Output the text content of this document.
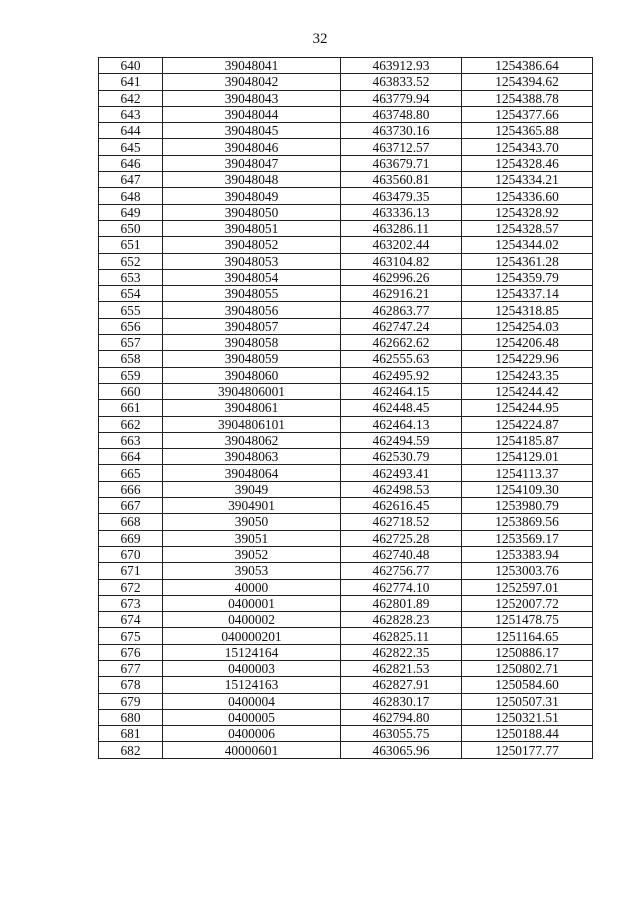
32
640	39048041	463912.93	1254386.64
641	39048042	463833.52	1254394.62
642	39048043	463779.94	1254388.78
643	39048044	463748.80	1254377.66
644	39048045	463730.16	1254365.88
645	39048046	463712.57	1254343.70
646	39048047	463679.71	1254328.46
647	39048048	463560.81	1254334.21
648	39048049	463479.35	1254336.60
649	39048050	463336.13	1254328.92
650	39048051	463286.11	1254328.57
651	39048052	463202.44	1254344.02
652	39048053	463104.82	1254361.28
653	39048054	462996.26	1254359.79
654	39048055	462916.21	1254337.14
655	39048056	462863.77	1254318.85
656	39048057	462747.24	1254254.03
657	39048058	462662.62	1254206.48
658	39048059	462555.63	1254229.96
659	39048060	462495.92	1254243.35
660	3904806001	462464.15	1254244.42
661	39048061	462448.45	1254244.95
662	3904806101	462464.13	1254224.87
663	39048062	462494.59	1254185.87
664	39048063	462530.79	1254129.01
665	39048064	462493.41	1254113.37
666	39049	462498.53	1254109.30
667	3904901	462616.45	1253980.79
668	39050	462718.52	1253869.56
669	39051	462725.28	1253569.17
670	39052	462740.48	1253383.94
671	39053	462756.77	1253003.76
672	40000	462774.10	1252597.01
673	0400001	462801.89	1252007.72
674	0400002	462828.23	1251478.75
675	040000201	462825.11	1251164.65
676	15124164	462822.35	1250886.17
677	0400003	462821.53	1250802.71
678	15124163	462827.91	1250584.60
679	0400004	462830.17	1250507.31
680	0400005	462794.80	1250321.51
681	0400006	463055.75	1250188.44
682	40000601	463065.96	1250177.77
